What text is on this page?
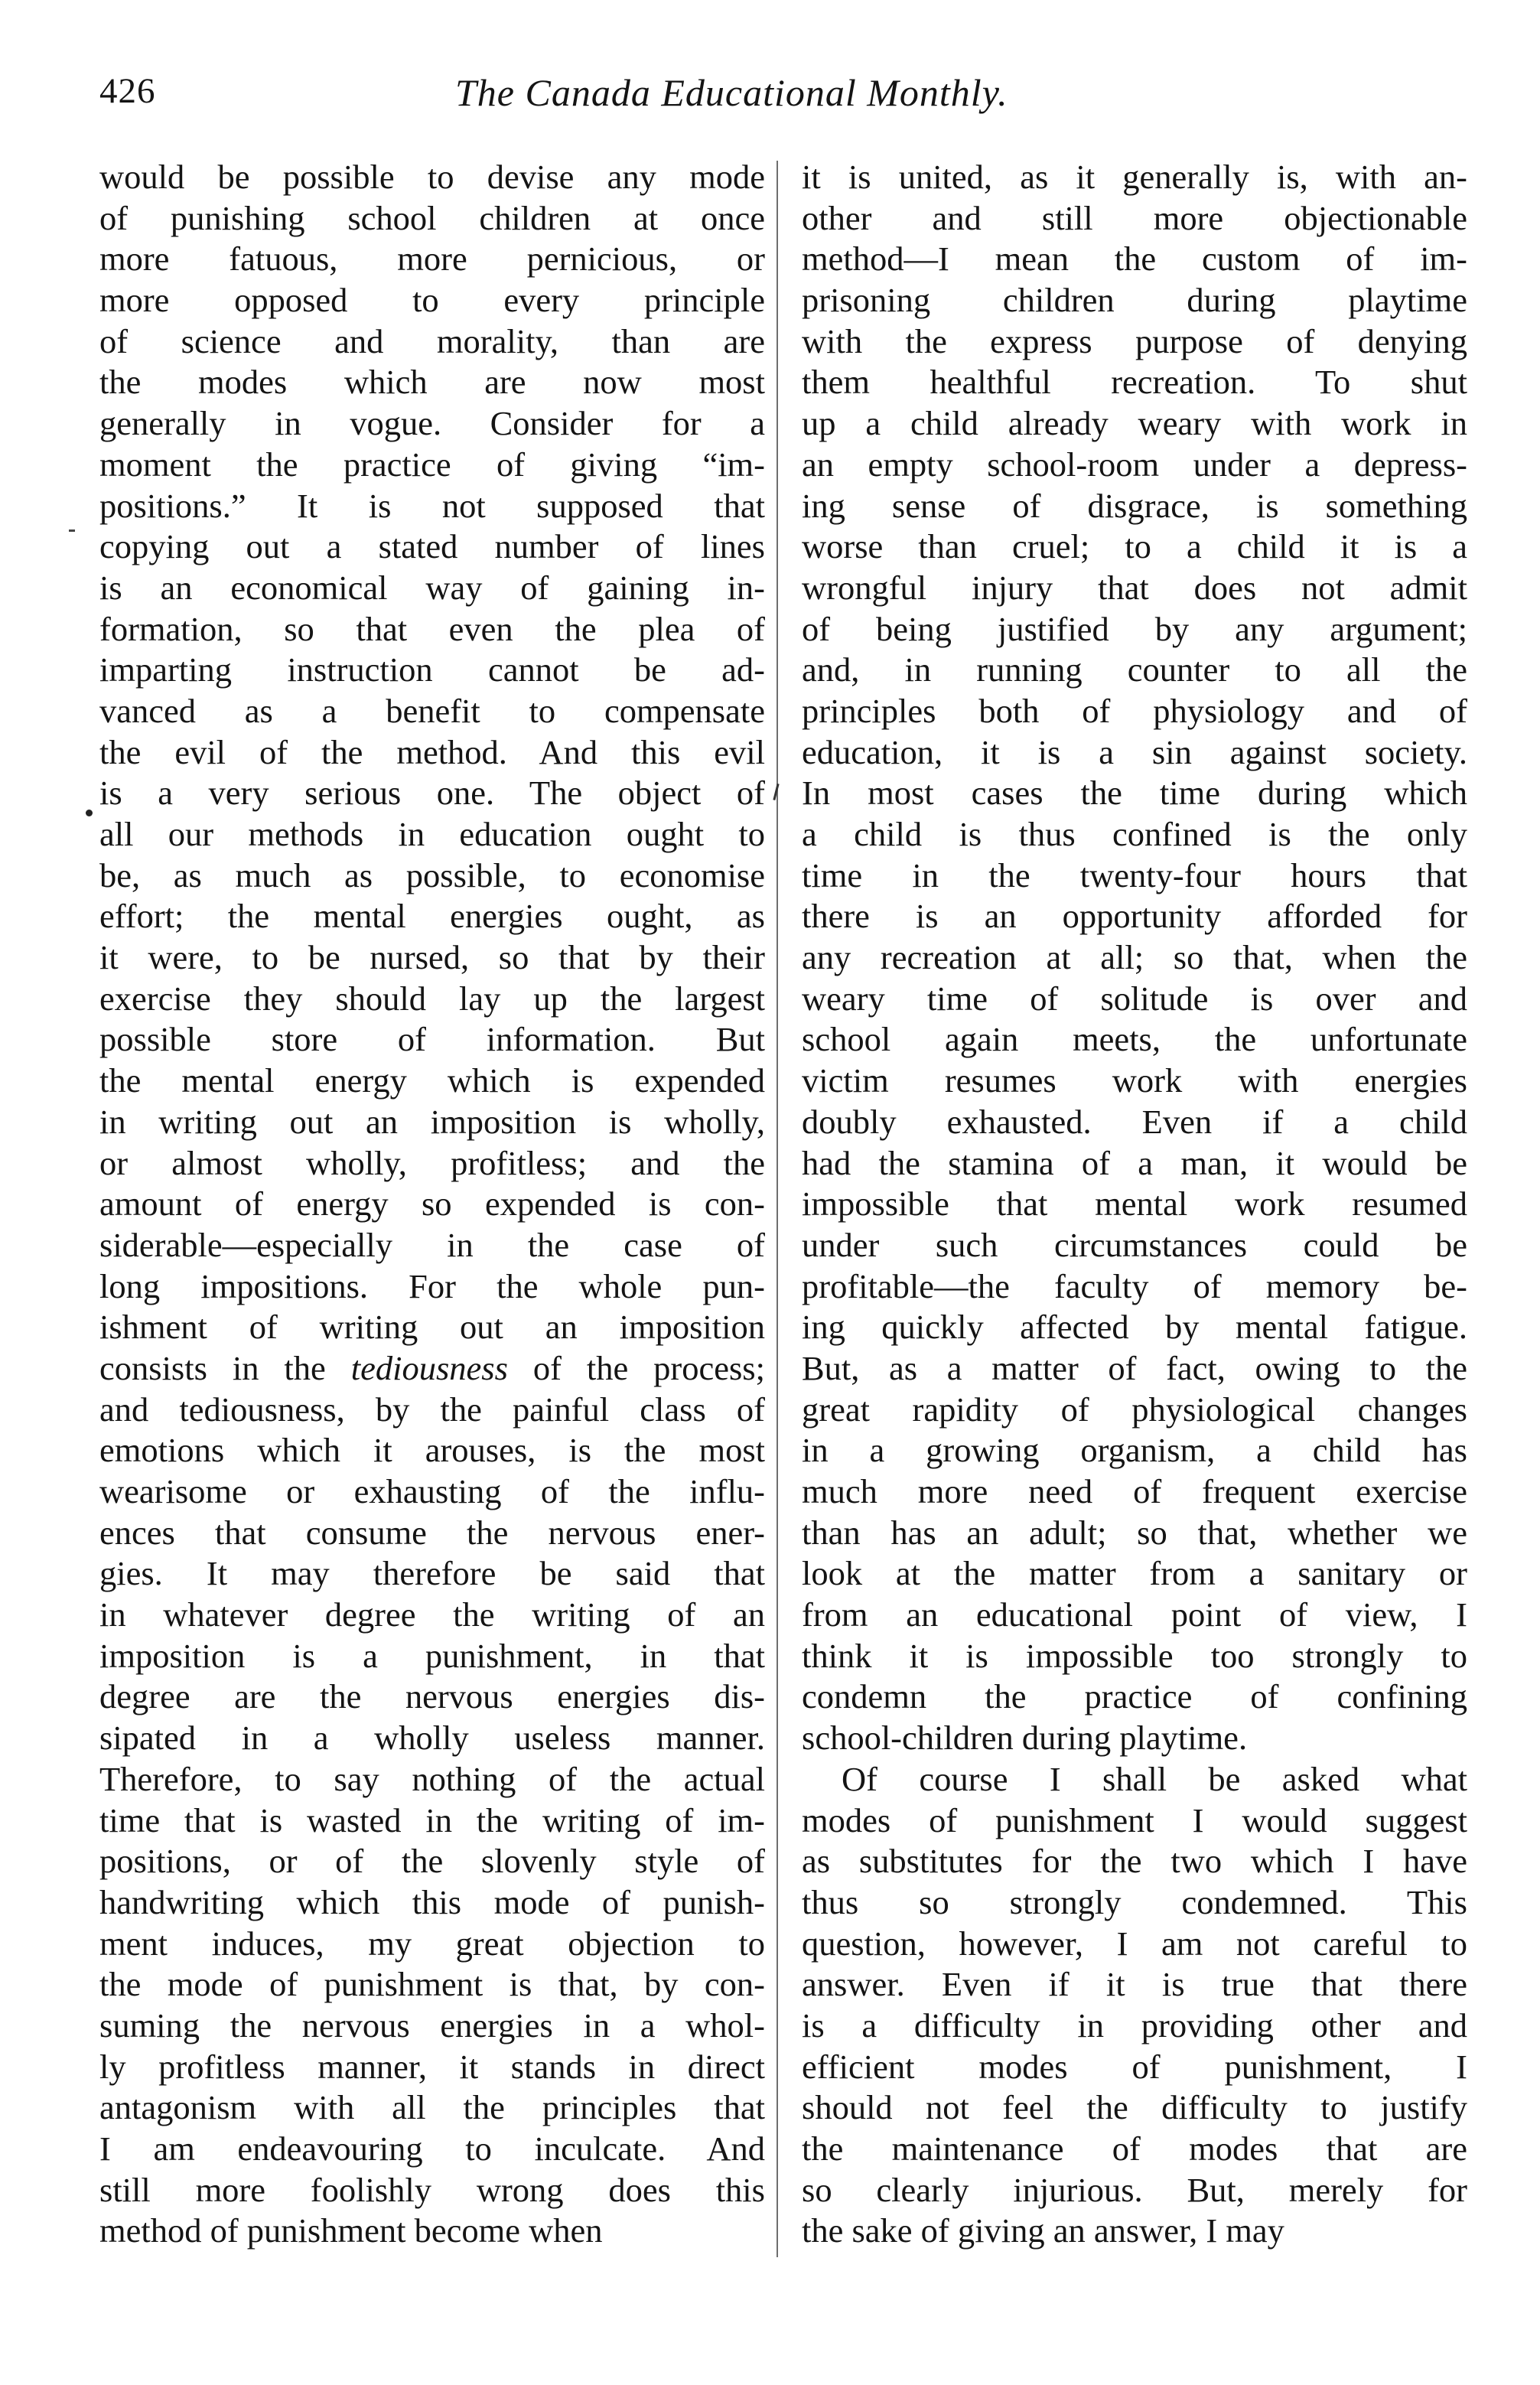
426	The Canada Educational Monthly.
would be possible to devise any mode
of punishing school children at once
more fatuous, more pernicious, or
more opposed to every principle
of science and morality, than are
the modes which are now most
generally in vogue. Consider for a
moment the practice of giving “im-
positions.” It is not supposed that
copying out a stated number of lines
is an economical way of gaining in-
formation, so that even the plea of
imparting instruction cannot be ad-
vanced as a benefit to compensate
the evil of the method. And this evil
is a very serious one. The object of
all our methods in education ought to
be, as much as possible, to economise
effort; the mental energies ought, as
it were, to be nursed, so that by their
exercise they should lay up the largest
possible store of information. But
the mental energy which is expended
in writing out an imposition is wholly,
or almost wholly, profitless; and the
amount of energy so expended is con-
siderable—especially in the case of
long impositions. For the whole pun-
ishment of writing out an imposition
consists in the tediousness of the process;
and tediousness, by the painful class of
emotions which it arouses, is the most
wearisome or exhausting of the influ-
ences that consume the nervous ener-
gies. It may therefore be said that
in whatever degree the writing of an
imposition is a punishment, in that
degree are the nervous energies dis-
sipated in a wholly useless manner.
Therefore, to say nothing of the actual
time that is wasted in the writing of im-
positions, or of the slovenly style of
handwriting which this mode of punish-
ment induces, my great objection to
the mode of punishment is that, by con-
suming the nervous energies in a whol-
ly profitless manner, it stands in direct
antagonism with all the principles that
I am endeavouring to inculcate. And
still more foolishly wrong does this
method of punishment become when
it is united, as it generally is, with an-
other and still more objectionable
method—I mean the custom of im-
prisoning children during playtime
with the express purpose of denying
them healthful recreation. To shut
up a child already weary with work in
an empty school-room under a depress-
ing sense of disgrace, is something
worse than cruel; to a child it is a
wrongful injury that does not admit
of being justified by any argument;
and, in running counter to all the
principles both of physiology and of
education, it is a sin against society.
In most cases the time during which
a child is thus confined is the only
time in the twenty-four hours that
there is an opportunity afforded for
any recreation at all; so that, when the
weary time of solitude is over and
school again meets, the unfortunate
victim resumes work with energies
doubly exhausted. Even if a child
had the stamina of a man, it would be
impossible that mental work resumed
under such circumstances could be
profitable—the faculty of memory be-
ing quickly affected by mental fatigue.
But, as a matter of fact, owing to the
great rapidity of physiological changes
in a growing organism, a child has
much more need of frequent exercise
than has an adult; so that, whether we
look at the matter from a sanitary or
from an educational point of view, I
think it is impossible too strongly to
condemn the practice of confining
school-children during playtime.
Of course I shall be asked what
modes of punishment I would suggest
as substitutes for the two which I have
thus so strongly condemned. This
question, however, I am not careful to
answer. Even if it is true that there
is a difficulty in providing other and
efficient modes of punishment, I
should not feel the difficulty to justify
the maintenance of modes that are
so clearly injurious. But, merely for
the sake of giving an answer, I may
